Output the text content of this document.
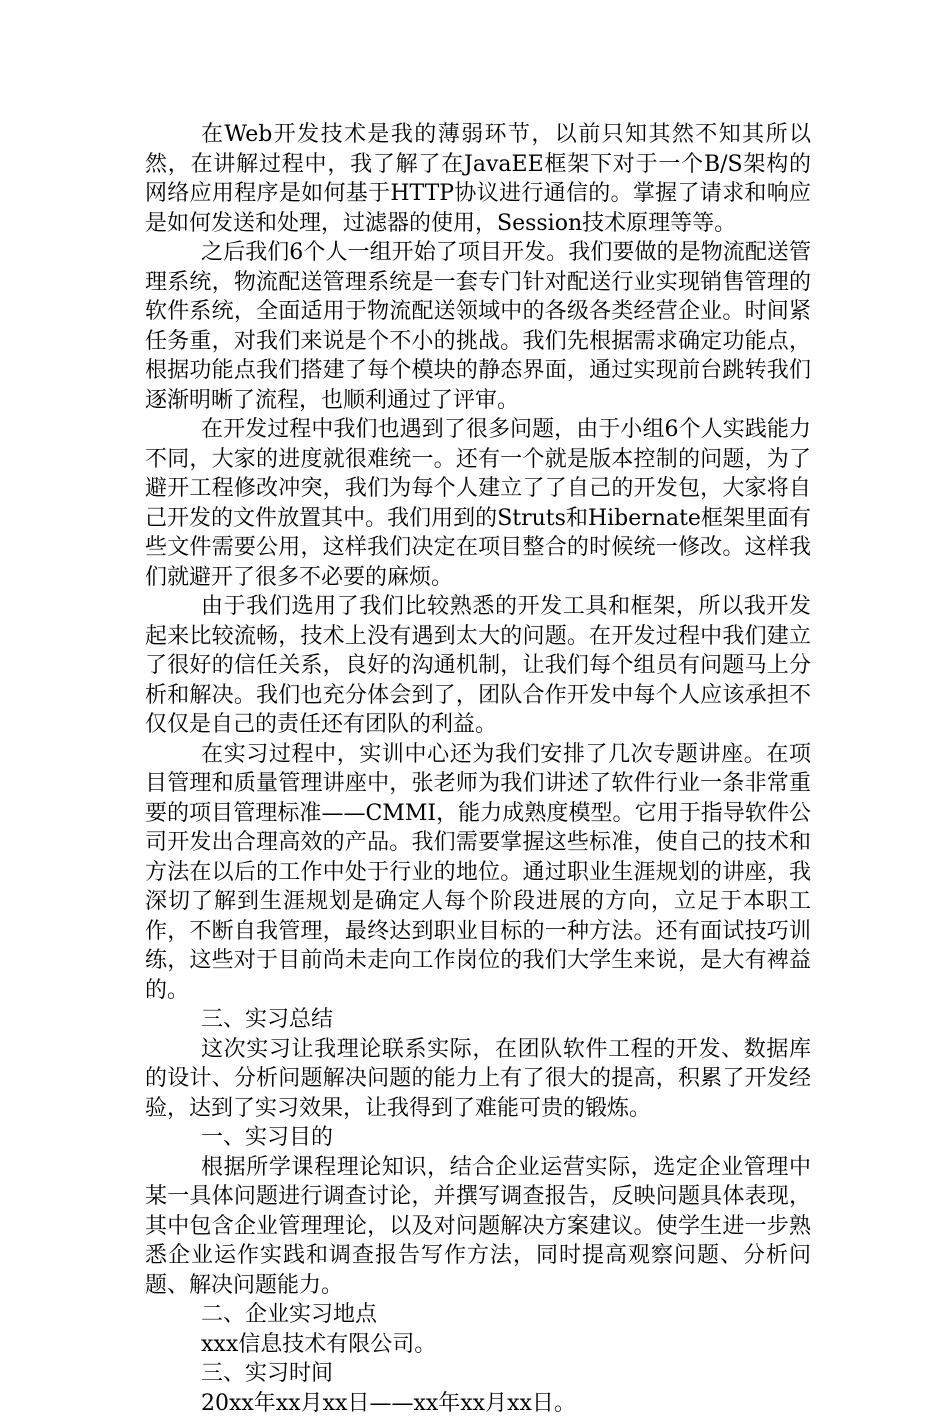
在Web开发技术是我的薄弱环节，以前只知其然不知其所以然，在讲解过程中，我了解了在JavaEE框架下对于一个B/S架构的网络应用程序是如何基于HTTP协议进行通信的。掌握了请求和响应是如何发送和处理，过滤器的使用，Session技术原理等等。

之后我们6个人一组开始了项目开发。我们要做的是物流配送管理系统，物流配送管理系统是一套专门针对配送行业实现销售管理的软件系统，全面适用于物流配送领域中的各级各类经营企业。时间紧任务重，对我们来说是个不小的挑战。我们先根据需求确定功能点，根据功能点我们搭建了每个模块的静态界面，通过实现前台跳转我们逐渐明晰了流程，也顺利通过了评审。

在开发过程中我们也遇到了很多问题，由于小组6个人实践能力不同，大家的进度就很难统一。还有一个就是版本控制的问题，为了避开工程修改冲突，我们为每个人建立了了自己的开发包，大家将自己开发的文件放置其中。我们用到的Struts和Hibernate框架里面有些文件需要公用，这样我们决定在项目整合的时候统一修改。这样我们就避开了很多不必要的麻烦。

由于我们选用了我们比较熟悉的开发工具和框架，所以我开发起来比较流畅，技术上没有遇到太大的问题。在开发过程中我们建立了很好的信任关系，良好的沟通机制，让我们每个组员有问题马上分析和解决。我们也充分体会到了，团队合作开发中每个人应该承担不仅仅是自己的责任还有团队的利益。

在实习过程中，实训中心还为我们安排了几次专题讲座。在项目管理和质量管理讲座中，张老师为我们讲述了软件行业一条非常重要的项目管理标准——CMMI，能力成熟度模型。它用于指导软件公司开发出合理高效的产品。我们需要掌握这些标准，使自己的技术和方法在以后的工作中处于行业的地位。通过职业生涯规划的讲座，我深切了解到生涯规划是确定人每个阶段进展的方向，立足于本职工作，不断自我管理，最终达到职业目标的一种方法。还有面试技巧训练，这些对于目前尚未走向工作岗位的我们大学生来说，是大有裨益的。

三、实习总结

这次实习让我理论联系实际，在团队软件工程的开发、数据库的设计、分析问题解决问题的能力上有了很大的提高，积累了开发经验，达到了实习效果，让我得到了难能可贵的锻炼。

一、实习目的

根据所学课程理论知识，结合企业运营实际，选定企业管理中某一具体问题进行调查讨论，并撰写调查报告，反映问题具体表现，其中包含企业管理理论，以及对问题解决方案建议。使学生进一步熟悉企业运作实践和调查报告写作方法，同时提高观察问题、分析问题、解决问题能力。

二、企业实习地点

xxx信息技术有限公司。

三、实习时间

20xx年xx月xx日——xx年xx月xx日。
